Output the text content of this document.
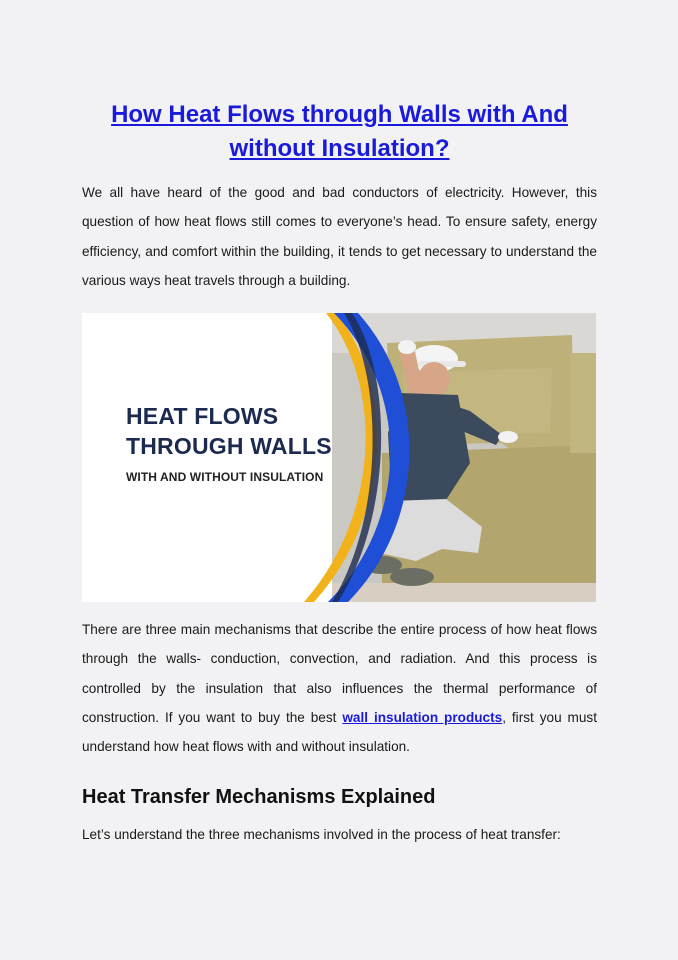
How Heat Flows through Walls with And
without Insulation?

We all have heard of the good and bad conductors of electricity. However, this question of how heat flows still comes to everyone’s head. To ensure safety, energy efficiency, and comfort within the building, it tends to get necessary to understand the various ways heat travels through a building.

HEAT FLOWS
THROUGH WALLS
WITH AND WITHOUT INSULATION

There are three main mechanisms that describe the entire process of how heat flows through the walls- conduction, convection, and radiation. And this process is controlled by the insulation that also influences the thermal performance of construction. If you want to buy the best wall insulation products, first you must understand how heat flows with and without insulation.

Heat Transfer Mechanisms Explained

Let’s understand the three mechanisms involved in the process of heat transfer:
